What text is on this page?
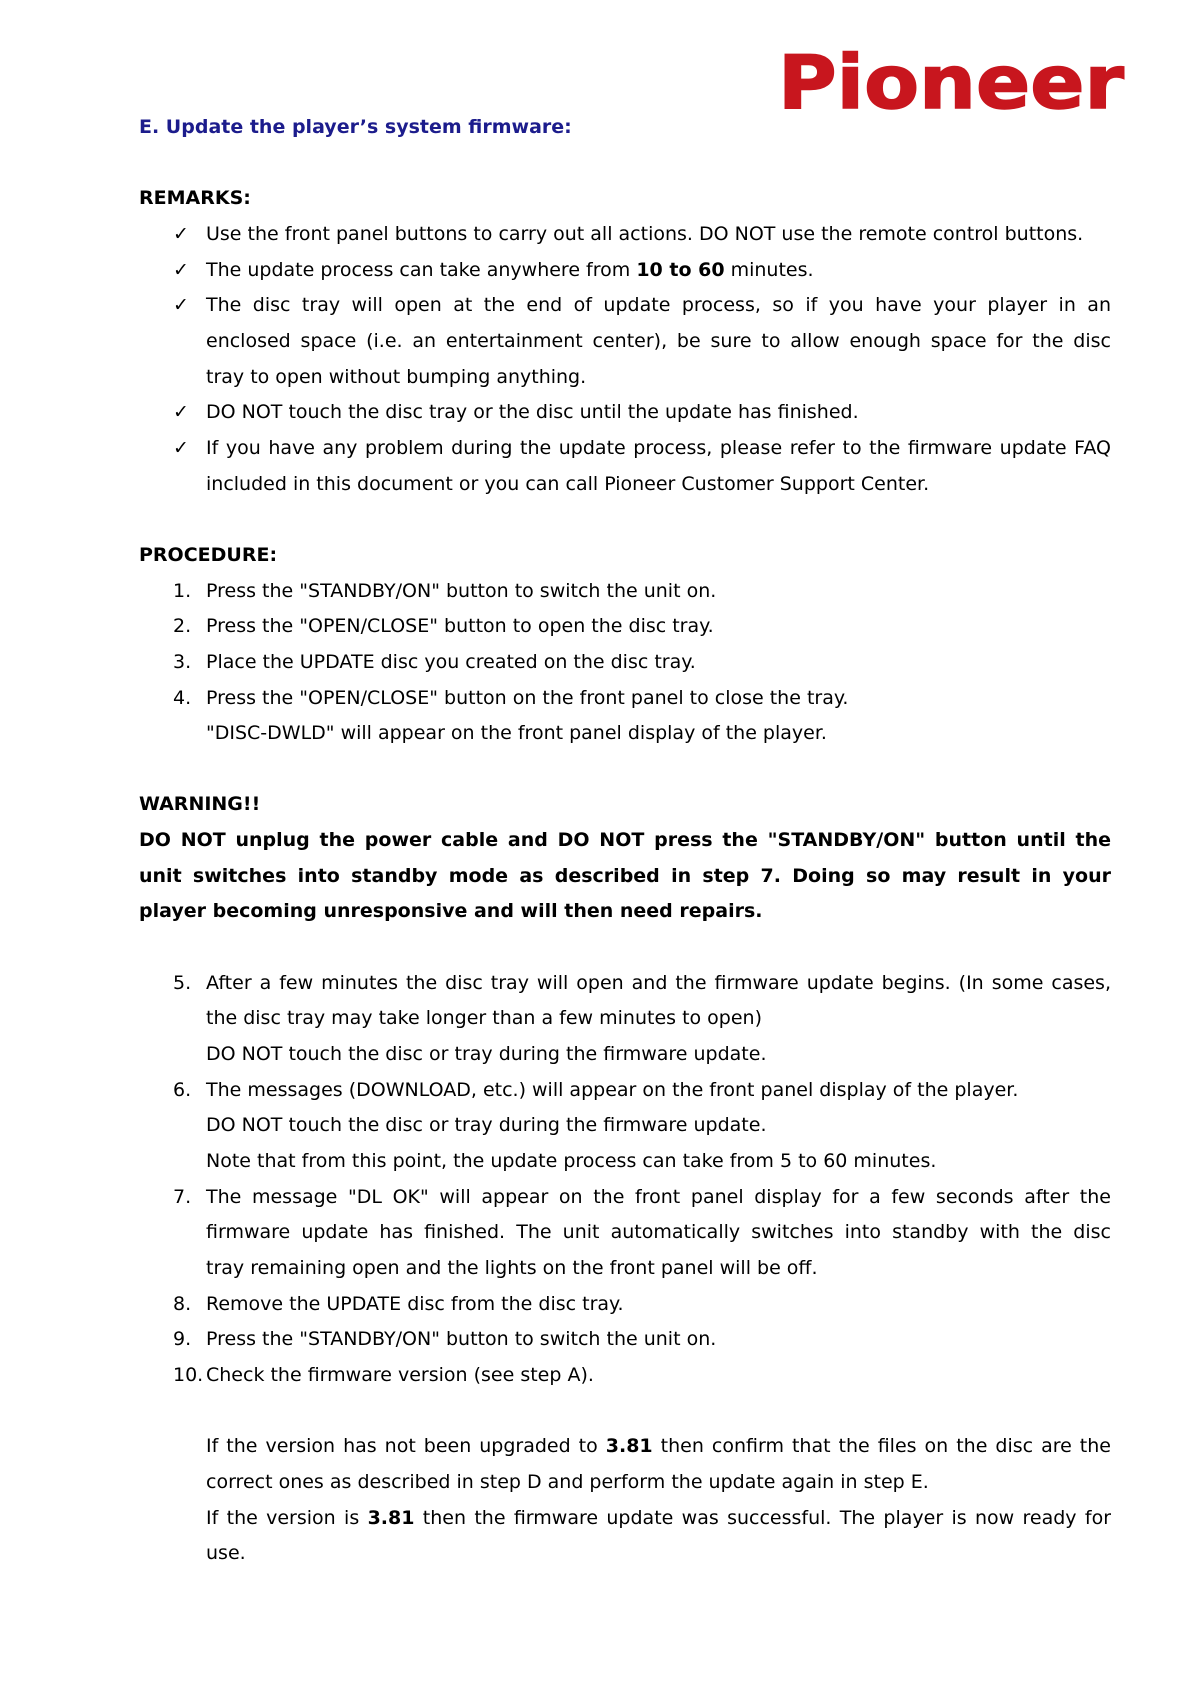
Pioneer
E. Update the player’s system firmware:
REMARKS:
✓
Use the front panel buttons to carry out all actions. DO NOT use the remote control buttons.
✓
The update process can take anywhere from 10 to 60 minutes.
✓
The disc tray will open at the end of update process, so if you have your player in an
enclosed space (i.e. an entertainment center), be sure to allow enough space for the disc
tray to open without bumping anything.
✓
DO NOT touch the disc tray or the disc until the update has finished.
✓
If you have any problem during the update process, please refer to the firmware update FAQ
included in this document or you can call Pioneer Customer Support Center.
PROCEDURE:
1. Press the "STANDBY/ON" button to switch the unit on.
2. Press the "OPEN/CLOSE" button to open the disc tray.
3. Place the UPDATE disc you created on the disc tray.
4. Press the "OPEN/CLOSE" button on the front panel to close the tray.
"DISC-DWLD" will appear on the front panel display of the player.
WARNING!!
DO NOT unplug the power cable and DO NOT press the "STANDBY/ON" button until the
unit switches into standby mode as described in step 7. Doing so may result in your
player becoming unresponsive and will then need repairs.
5. After a few minutes the disc tray will open and the firmware update begins. (In some cases,
the disc tray may take longer than a few minutes to open)
DO NOT touch the disc or tray during the firmware update.
6. The messages (DOWNLOAD, etc.) will appear on the front panel display of the player.
DO NOT touch the disc or tray during the firmware update.
Note that from this point, the update process can take from 5 to 60 minutes.
7. The message "DL OK" will appear on the front panel display for a few seconds after the
firmware update has finished. The unit automatically switches into standby with the disc
tray remaining open and the lights on the front panel will be off.
8. Remove the UPDATE disc from the disc tray.
9. Press the "STANDBY/ON" button to switch the unit on.
10. Check the firmware version (see step A).
If the version has not been upgraded to 3.81 then confirm that the files on the disc are the
correct ones as described in step D and perform the update again in step E.
If the version is 3.81 then the firmware update was successful. The player is now ready for
use.
